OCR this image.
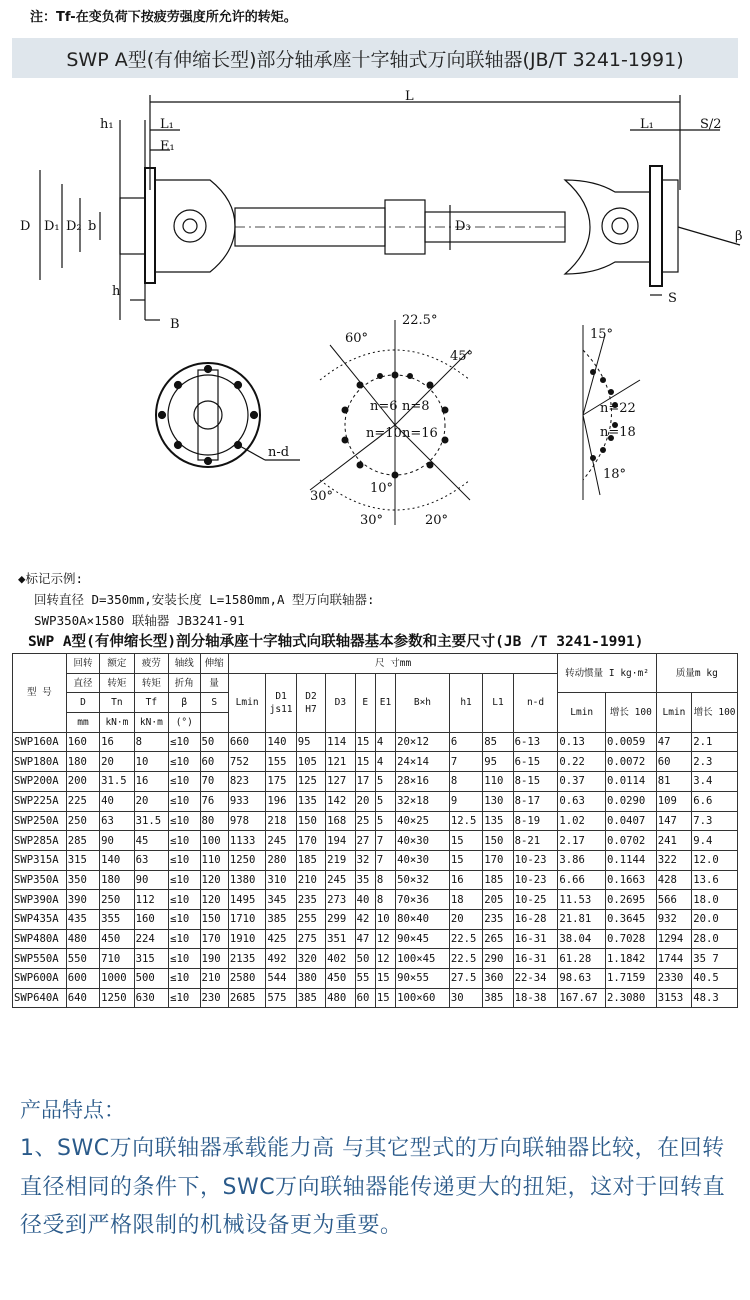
注：Tf-在变负荷下按疲劳强度所允许的转矩。
SWP A型(有伸缩长型)部分轴承座十字轴式万向联轴器(JB/T 3241-1991)
L
h₁	L₁
E₁
L₁	S/2
D D₁ D₂ b	D₃
β
h
B
S
n-d
60°
22.5°
45°
n=6 n=8
n=10 n=16
30°
10°
30°	20°
15°
n=22
n=18
18°
◆标记示例:
回转直径 D=350mm,安装长度 L=1580mm,A 型万向联轴器:
SWP350A×1580 联轴器 JB3241-91
SWP A型(有伸缩长型)剖分轴承座十字轴式向联轴器基本参数和主要尺寸(JB /T 3241-1991)
型 号	回转	额定	疲劳	轴线	伸缩	尺 寸mm										转动惯量 I kg·m²		质量m kg	
	直径	转矩	转矩	折角	量	Lmin	D1 js11	D2 H7	D3	E	E1	B×h	h1	L1	n-d				
	D	Tn	Tf	β	S											Lmin	增长 100	Lmin	增长 100
	mm	kN·m	kN·m	(°)															
SWP160A	160	16	8	≤10	50	660	140	95	114	15	4	20×12	6	85	6-13	0.13	0.0059	47	2.1
SWP180A	180	20	10	≤10	60	752	155	105	121	15	4	24×14	7	95	6-15	0.22	0.0072	60	2.3
SWP200A	200	31.5	16	≤10	70	823	175	125	127	17	5	28×16	8	110	8-15	0.37	0.0114	81	3.4
SWP225A	225	40	20	≤10	76	933	196	135	142	20	5	32×18	9	130	8-17	0.63	0.0290	109	6.6
SWP250A	250	63	31.5	≤10	80	978	218	150	168	25	5	40×25	12.5	135	8-19	1.02	0.0407	147	7.3
SWP285A	285	90	45	≤10	100	1133	245	170	194	27	7	40×30	15	150	8-21	2.17	0.0702	241	9.4
SWP315A	315	140	63	≤10	110	1250	280	185	219	32	7	40×30	15	170	10-23	3.86	0.1144	322	12.0
SWP350A	350	180	90	≤10	120	1380	310	210	245	35	8	50×32	16	185	10-23	6.66	0.1663	428	13.6
SWP390A	390	250	112	≤10	120	1495	345	235	273	40	8	70×36	18	205	10-25	11.53	0.2695	566	18.0
SWP435A	435	355	160	≤10	150	1710	385	255	299	42	10	80×40	20	235	16-28	21.81	0.3645	932	20.0
SWP480A	480	450	224	≤10	170	1910	425	275	351	47	12	90×45	22.5	265	16-31	38.04	0.7028	1294	28.0
SWP550A	550	710	315	≤10	190	2135	492	320	402	50	12	100×45	22.5	290	16-31	61.28	1.1842	1744	35 7
SWP600A	600	1000	500	≤10	210	2580	544	380	450	55	15	90×55	27.5	360	22-34	98.63	1.7159	2330	40.5
SWP640A	640	1250	630	≤10	230	2685	575	385	480	60	15	100×60	30	385	18-38	167.67	2.3080	3153	48.3
产品特点：

1、SWC万向联轴器承载能力高 与其它型式的万向联轴器比较，在回转直径相同的条件下，SWC万向联轴器能传递更大的扭矩，这对于回转直径受到严格限制的机械设备更为重要。
